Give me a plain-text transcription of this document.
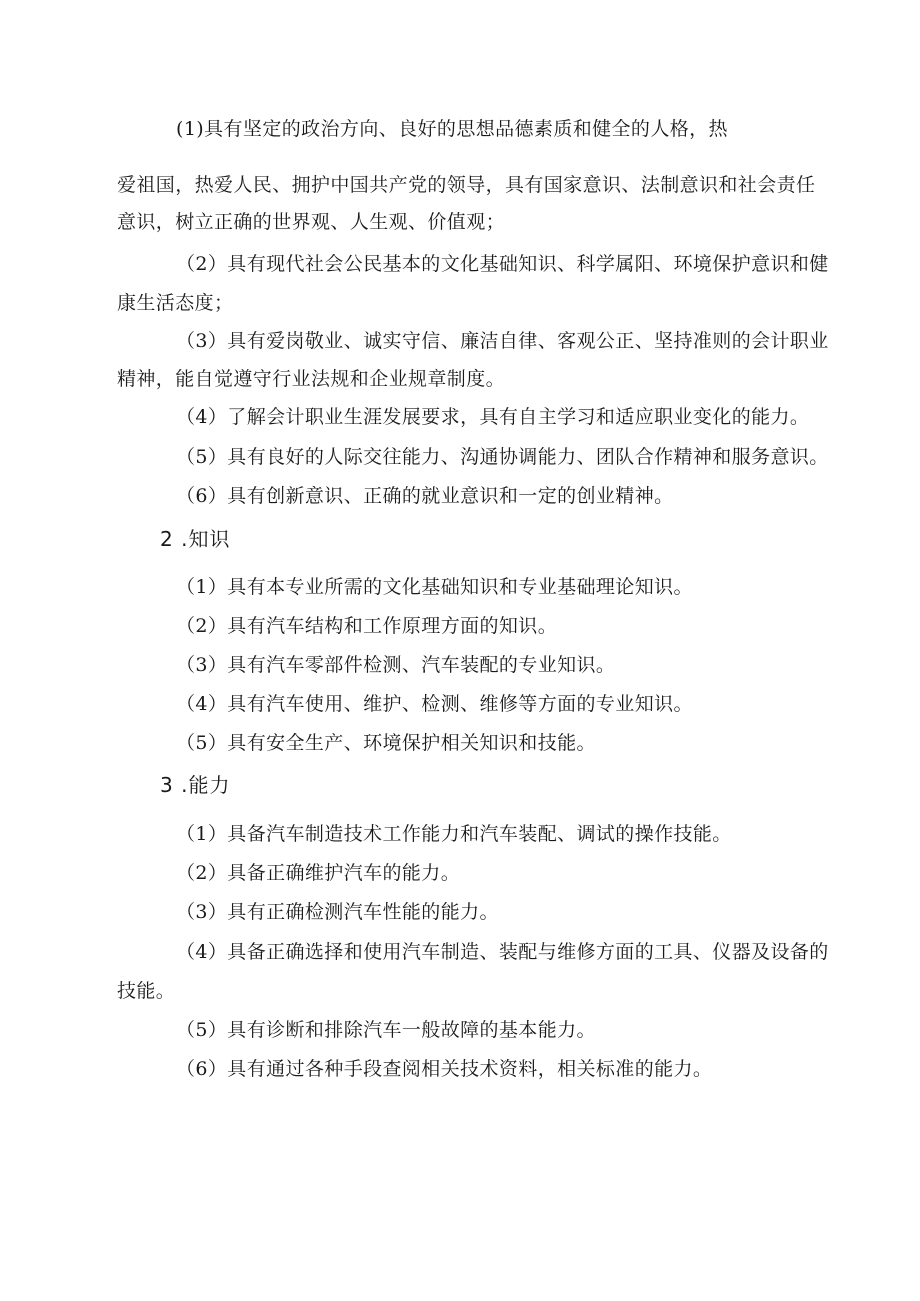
(1)具有坚定的政治方向、良好的思想品德素质和健全的人格，热
爱祖国，热爱人民、拥护中国共产党的领导，具有国家意识、法制意识和社会责任
意识，树立正确的世界观、人生观、价值观；
（2）具有现代社会公民基本的文化基础知识、科学属阳、环境保护意识和健
康生活态度；
（3）具有爱岗敬业、诚实守信、廉洁自律、客观公正、坚持准则的会计职业
精神，能自觉遵守行业法规和企业规章制度。
（4）了解会计职业生涯发展要求，具有自主学习和适应职业变化的能力。
（5）具有良好的人际交往能力、沟通协调能力、团队合作精神和服务意识。
（6）具有创新意识、正确的就业意识和一定的创业精神。
2 .知识
（1）具有本专业所需的文化基础知识和专业基础理论知识。
（2）具有汽车结构和工作原理方面的知识。
（3）具有汽车零部件检测、汽车装配的专业知识。
（4）具有汽车使用、维护、检测、维修等方面的专业知识。
（5）具有安全生产、环境保护相关知识和技能。
3 .能力
（1）具备汽车制造技术工作能力和汽车装配、调试的操作技能。
（2）具备正确维护汽车的能力。
（3）具有正确检测汽车性能的能力。
（4）具备正确选择和使用汽车制造、装配与维修方面的工具、仪器及设备的
技能。
（5）具有诊断和排除汽车一般故障的基本能力。
（6）具有通过各种手段查阅相关技术资料，相关标准的能力。
